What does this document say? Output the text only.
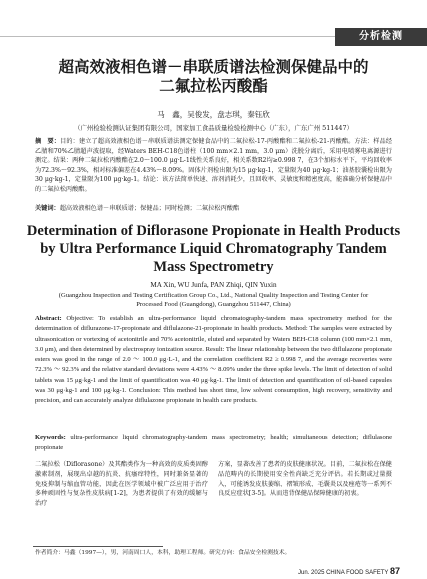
分析检测
超高效液相色谱－串联质谱法检测保健品中的
二氟拉松丙酸酯
马　鑫，吴俊发，盘志琪，秦钰欣
（广州检验检测认证集团有限公司，国家加工食品质量检验检测中心（广东），广东广州 511447）
摘　要：目的：建立了超高效液相色谱－串联质谱法测定保健食品中的二氟拉松-17-丙酸酯和二氟拉松-21-丙酸酯。方法：样品经乙腈和70%乙腈超声波提取，经Waters BEH-C18色谱柱（100 mm×2.1 mm，3.0 μm）洗脱分离后，采用电喷雾电离源进行测定。结果：两种二氟拉松丙酸酯在2.0～100.0 μg·L-1线性关系良好，相关系数R2均≥0.998 7，在3个加标水平下，平均回收率为72.3%～92.3%，相对标准偏差在4.43%～8.09%。固体片剂检出限为15 μg·kg-1，定量限为40 μg·kg-1；油基胶囊检出限为30 μg·kg-1，定量限为100 μg·kg-1。结论：该方法简单快速、溶剂消耗少，且回收率、灵敏度和精密度高，能准确分析保健品中的二氟拉松丙酸酯。
关键词：超高效液相色谱－串联质谱；保健品；同时检测；二氟拉松丙酸酯
Determination of Diflorasone Propionate in Health Products
by Ultra Performance Liquid Chromatography Tandem
Mass Spectrometry
MA Xin, WU Junfa, PAN Zhiqi, QIN Yuxin
(Guangzhou Inspection and Testing Certification Group Co., Ltd., National Quality Inspection and Testing Center for
Processed Food (Guangdong), Guangzhou 511447, China)
Abstract: Objective: To establish an ultra-performance liquid chromatography-tandem mass spectrometry method for the determination of diflurazone-17-propionate and diflulazone-21-propionate in health products. Method: The samples were extracted by ultrasonication or vortexing of acetonitrile and 70% acetonitrile, eluted and separated by Waters BEH-C18 column (100 mm×2.1 mm, 3.0 μm), and then determined by electrospray ionization source. Result: The linear relationship between the two diflulazone propionate esters was good in the range of 2.0 ～ 100.0 μg·L-1, and the correlation coefficient R2 ≥ 0.998 7, and the average recoveries were 72.3% ～ 92.3% and the relative standard deviations were 4.43% ～ 8.09% under the three spike levels. The limit of detection of solid tablets was 15 μg·kg-1 and the limit of quantification was 40 μg·kg-1. The limit of detection and quantification of oil-based capsules was 30 μg·kg-1 and 100 μg·kg-1. Conclusion: This method has short time, low solvent consumption, high recovery, sensitivity and precision, and can accurately analyze diflulazone propionate in health care products.
Keywords: ultra-performance liquid chromatography-tandem mass spectrometry; health; simultaneous detection; diflulasone propionate
二氟拉松（Diflorasone）及其酯类作为一种高效的皮质类固醇激素制剂，展现出卓越的抗炎、抗瘙痒特性，同时兼备显著的免疫抑制与缩血管功能，因此在医学领域中被广泛应用于治疗多种顽固性与复杂性皮肤病[1-2]，为患者提供了有效的缓解与治疗
方案，显著改善了患者的皮肤健康状况。目前，二氟拉松在保健品范畴内的长期使用安全性尚缺乏充分评估。若长期或过量摄入，可能诱发皮肤萎缩、褶皱形成、毛囊炎以及痤疮等一系列不良反应症状[3-5]。从而违背保健品保障健康的初衷。
作者简介：马鑫（1997—），男，河南周口人，本科，助理工程师。研究方向：食品安全检测技术。
Jun. 2025 CHINA FOOD SAFETY 87
